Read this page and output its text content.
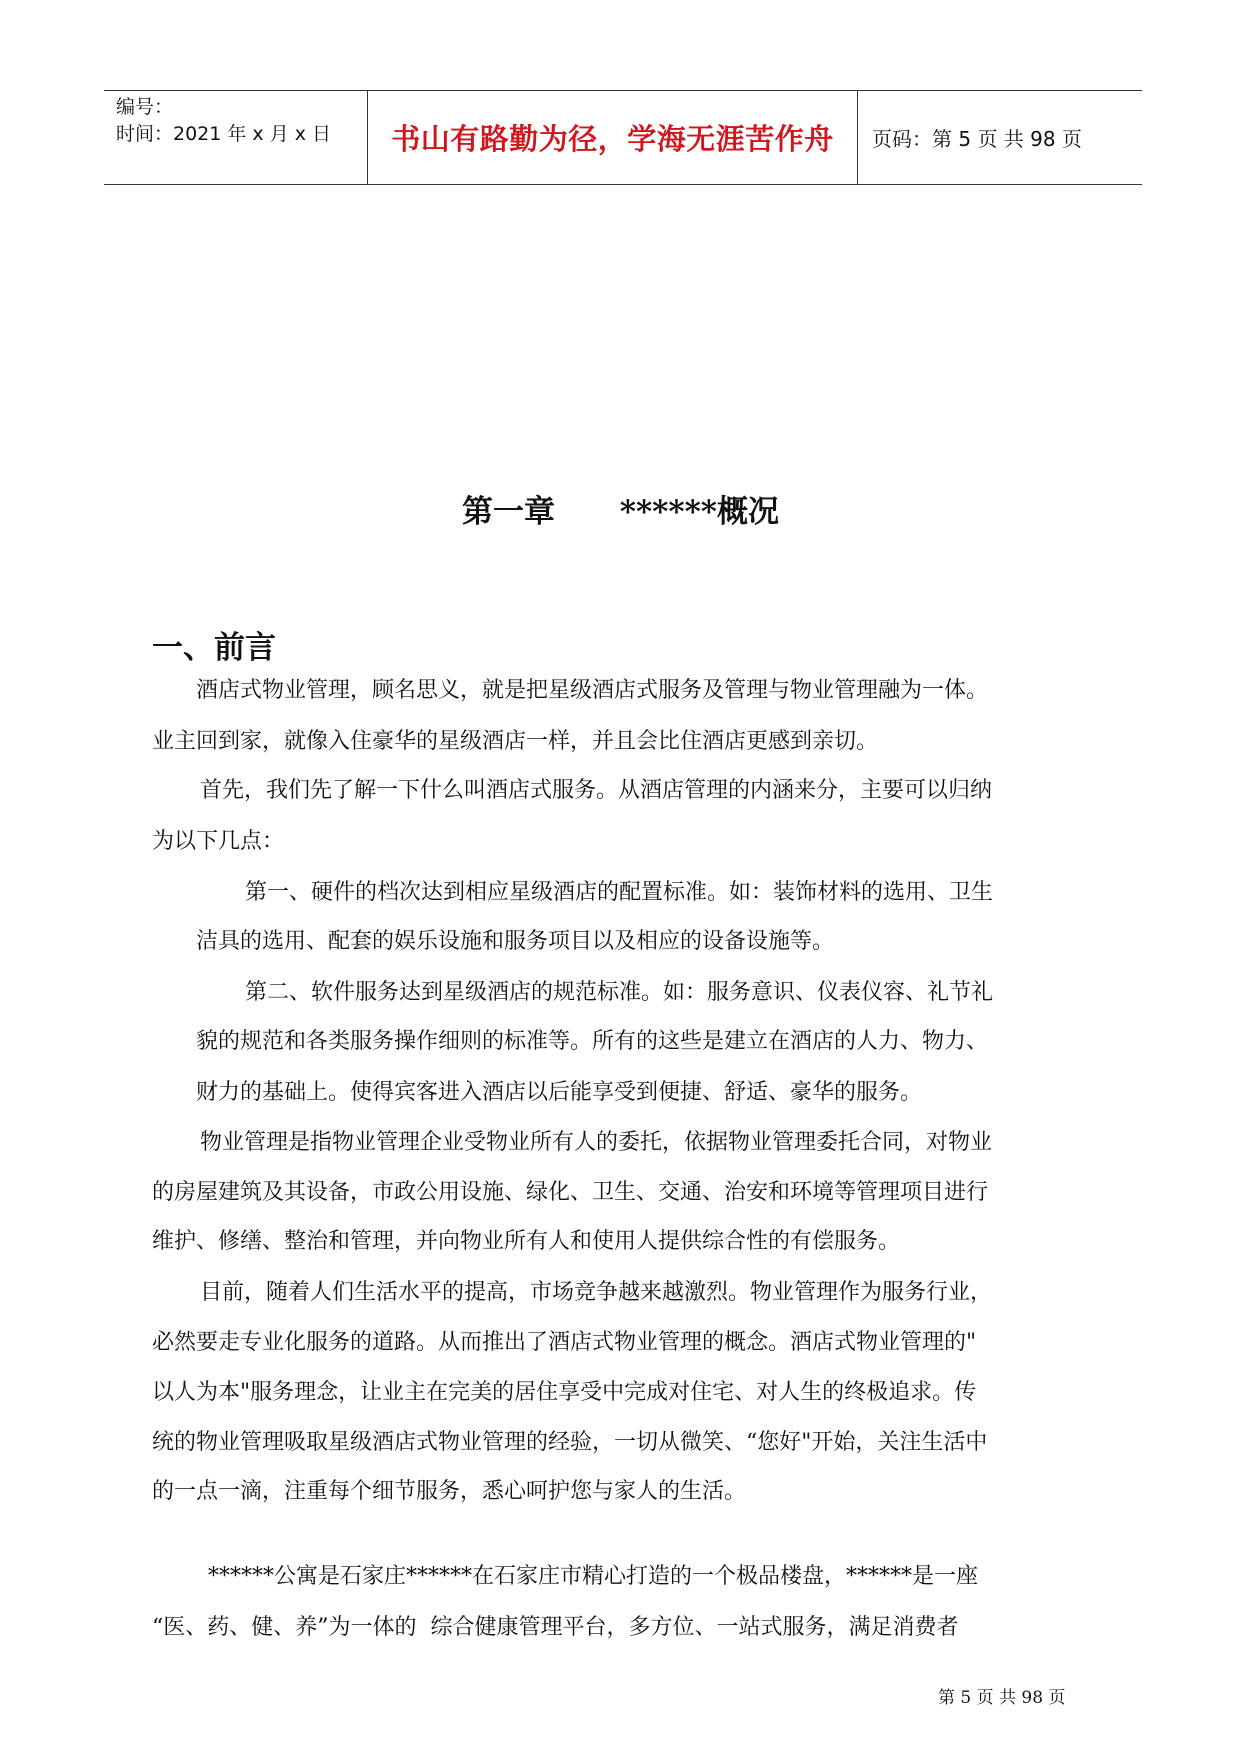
编号：
时间：2021 年 x 月 x 日	书山有路勤为径，学海无涯苦作舟	页码：第 5 页 共 98 页
第一章      ******概况
一、前言
酒店式物业管理，顾名思义，就是把星级酒店式服务及管理与物业管理融为一体。
业主回到家，就像入住豪华的星级酒店一样，并且会比住酒店更感到亲切。
首先，我们先了解一下什么叫酒店式服务。从酒店管理的内涵来分，主要可以归纳
为以下几点：
第一、硬件的档次达到相应星级酒店的配置标准。如：装饰材料的选用、卫生
洁具的选用、配套的娱乐设施和服务项目以及相应的设备设施等。
第二、软件服务达到星级酒店的规范标准。如：服务意识、仪表仪容、礼节礼
貌的规范和各类服务操作细则的标准等。所有的这些是建立在酒店的人力、物力、
财力的基础上。使得宾客进入酒店以后能享受到便捷、舒适、豪华的服务。
物业管理是指物业管理企业受物业所有人的委托，依据物业管理委托合同，对物业
的房屋建筑及其设备，市政公用设施、绿化、卫生、交通、治安和环境等管理项目进行
维护、修缮、整治和管理，并向物业所有人和使用人提供综合性的有偿服务。
目前，随着人们生活水平的提高，市场竞争越来越激烈。物业管理作为服务行业，
必然要走专业化服务的道路。从而推出了酒店式物业管理的概念。酒店式物业管理的"
以人为本"服务理念，让业主在完美的居住享受中完成对住宅、对人生的终极追求。传
统的物业管理吸取星级酒店式物业管理的经验，一切从微笑、“您好"开始，关注生活中
的一点一滴，注重每个细节服务，悉心呵护您与家人的生活。
******公寓是石家庄******在石家庄市精心打造的一个极品楼盘，******是一座
“医、药、健、养”为一体的  综合健康管理平台，多方位、一站式服务，满足消费者
第 5 页 共 98 页
